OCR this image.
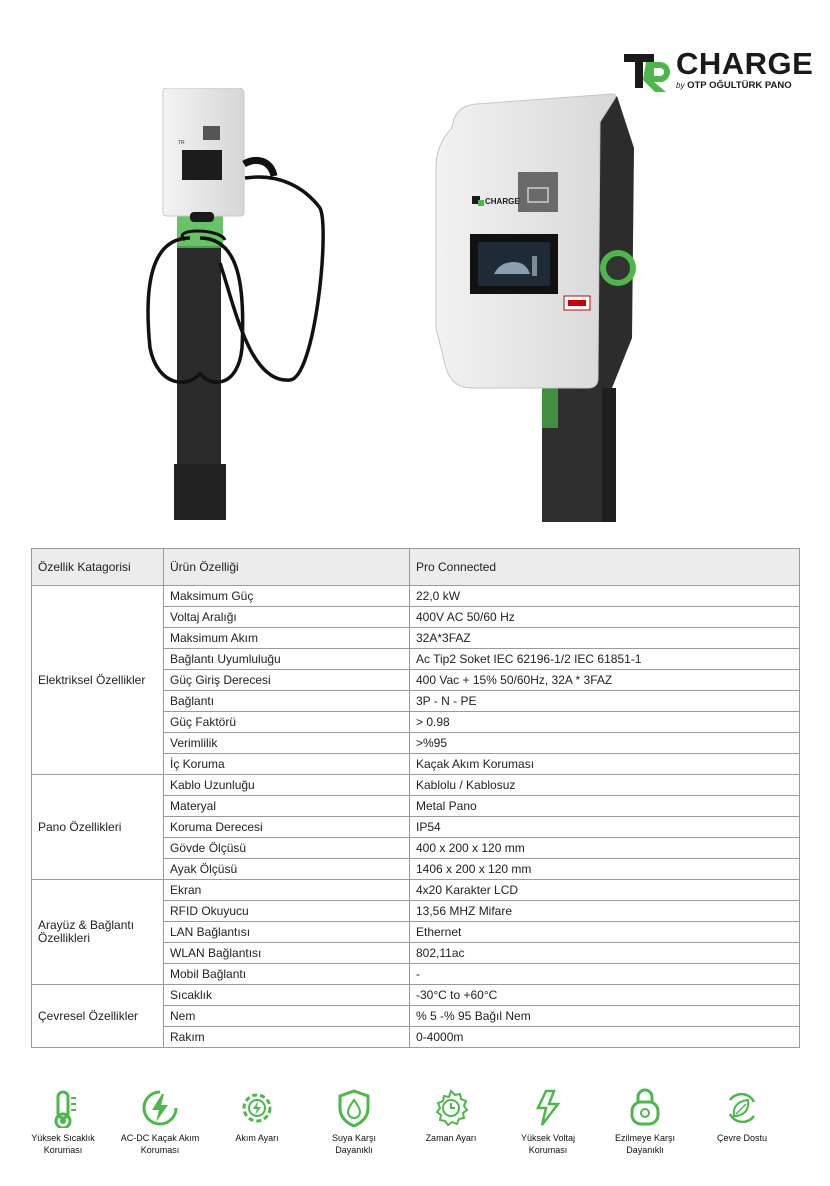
CHARGE
by OTP OĞULTÜRK PANO
TR
CHARGE
Özellik Katagorisi	Ürün Özelliği	Pro Connected
Elektriksel Özellikler	Maksimum Güç	22,0 kW
	Voltaj Aralığı	400V AC 50/60 Hz
	Maksimum Akım	32A*3FAZ
	Bağlantı Uyumluluğu	Ac Tip2 Soket IEC 62196-1/2 IEC 61851-1
	Güç Giriş Derecesi	400 Vac + 15% 50/60Hz, 32A * 3FAZ
	Bağlantı	3P - N - PE
	Güç Faktörü	> 0.98
	Verimlilik	>%95
	İç Koruma	Kaçak Akım Koruması
Pano Özellikleri	Kablo Uzunluğu	Kablolu / Kablosuz
	Materyal	Metal Pano
	Koruma Derecesi	IP54
	Gövde Ölçüsü	400 x 200 x 120 mm
	Ayak Ölçüsü	1406 x 200 x 120 mm
Arayüz & Bağlantı Özellikleri	Ekran	4x20 Karakter LCD
	RFID Okuyucu	13,56 MHZ Mifare
	LAN Bağlantısı	Ethernet
	WLAN Bağlantısı	802,11ac
	Mobil Bağlantı	-
Çevresel Özellikler	Sıcaklık	-30°C to +60°C
	Nem	% 5 -% 95 Bağıl Nem
	Rakım	0-4000m
Yüksek Sıcaklık
Koruması
AC-DC Kaçak Akım
Koruması
Akım Ayarı	Suya Karşı
Dayanıklı
Zaman Ayarı	Yüksek Voltaj
Koruması
Ezilmeye Karşı
Dayanıklı
Çevre Dostu
